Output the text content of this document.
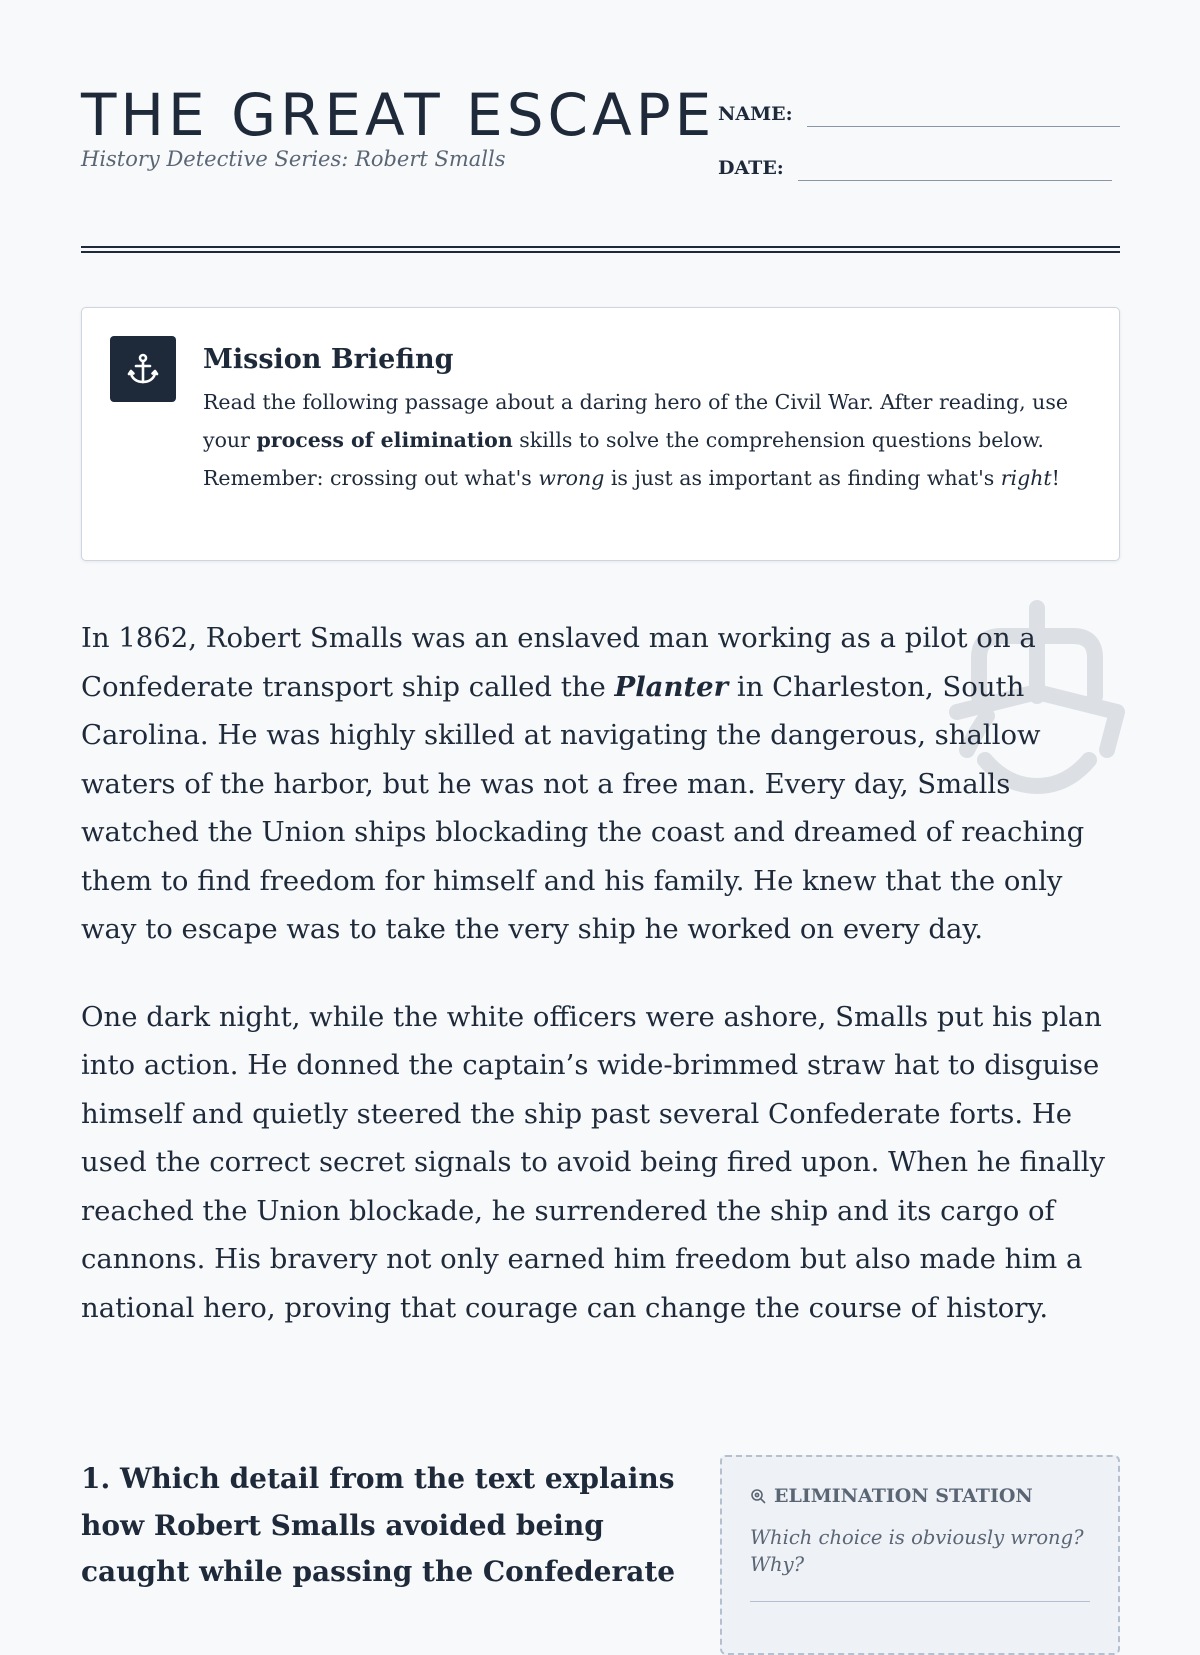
THE GREAT ESCAPE
History Detective Series: Robert Smalls
NAME:
DATE:
Mission Briefing
Read the following passage about a daring hero of the Civil War. After reading, use your process of elimination skills to solve the comprehension questions below. Remember: crossing out what's wrong is just as important as finding what's right!

In 1862, Robert Smalls was an enslaved man working as a pilot on a Confederate transport ship called the Planter in Charleston, South Carolina. He was highly skilled at navigating the dangerous, shallow waters of the harbor, but he was not a free man. Every day, Smalls watched the Union ships blockading the coast and dreamed of reaching them to find freedom for himself and his family. He knew that the only way to escape was to take the very ship he worked on every day.

One dark night, while the white officers were ashore, Smalls put his plan into action. He donned the captain’s wide-brimmed straw hat to disguise himself and quietly steered the ship past several Confederate forts. He used the correct secret signals to avoid being fired upon. When he finally reached the Union blockade, he surrendered the ship and its cargo of cannons. His bravery not only earned him freedom but also made him a national hero, proving that courage can change the course of history.

1. Which detail from the text explains how Robert Smalls avoided being caught while passing the Confederate
ELIMINATION STATION
Which choice is obviously wrong? Why?
